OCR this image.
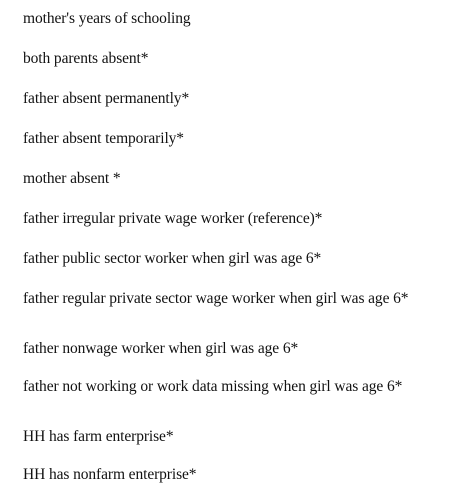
mother's years of schooling
both parents absent*
father absent permanently*
father absent temporarily*
mother absent *
father irregular private wage worker (reference)*
father public sector worker when girl was age 6*
father regular private sector wage worker when girl was age 6*
father nonwage worker when girl was age 6*
father not working or work data missing when girl was age 6*
HH has farm enterprise*
HH has nonfarm enterprise*
